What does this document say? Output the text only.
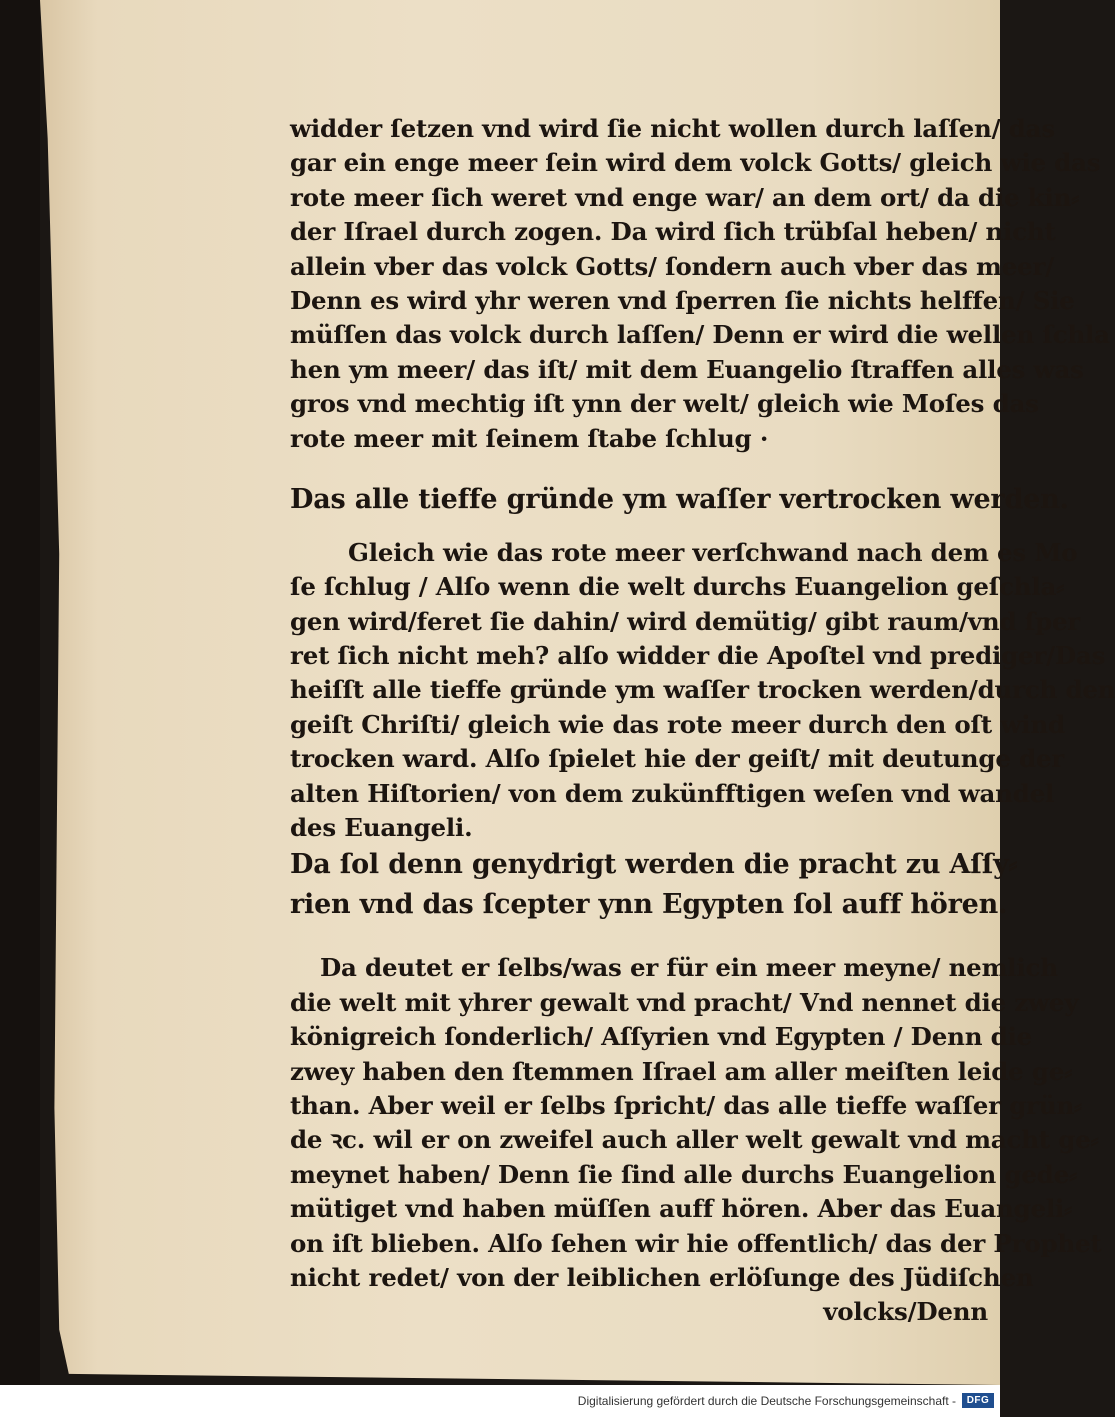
widder ſetzen vnd wird ſie nicht wollen durch laſſen/ das
gar ein enge meer ſein wird dem volck Gotts/ gleich wie das
rote meer ſich weret vnd enge war/ an dem ort/ da die kin⸗
der Iſrael durch zogen. Da wird ſich trübſal heben/ nicht
allein vber das volck Gotts/ ſondern auch vber das meer/
Denn es wird yhr weren vnd ſperren ſie nichts helffen/ Sie
müſſen das volck durch laſſen/ Denn er wird die wellen ſchla
hen ym meer/ das iſt/ mit dem Euangelio ſtraffen alles was
gros vnd mechtig iſt ynn der welt/ gleich wie Moſes das
rote meer mit ſeinem ſtabe ſchlug ·
Das alle tieffe gründe ym waſſer vertrocken werden.
Gleich wie das rote meer verſchwand nach dem es Mo
ſe ſchlug / Alſo wenn die welt durchs Euangelion geſchla⸗
gen wird/feret ſie dahin/ wird demütig/ gibt raum/vnd ſper
ret ſich nicht meh? alſo widder die Apoſtel vnd prediger/Das
heiſſt alle tieffe gründe ym waſſer trocken werden/durch den
geiſt Chriſti/ gleich wie das rote meer durch den oſt wind
trocken ward. Alſo ſpielet hie der geiſt/ mit deutunge der
alten Hiſtorien/ von dem zukünfftigen weſen vnd wandel
des Euangeli.
Da ſol denn genydrigt werden die pracht zu Aſſy⸗
rien vnd das ſcepter ynn Egypten ſol auff hören.
Da deutet er ſelbs/was er für ein meer meyne/ nemlich
die welt mit yhrer gewalt vnd pracht/ Vnd nennet die zwey
königreich ſonderlich/ Aſſyrien vnd Egypten / Denn die
zwey haben den ſtemmen Iſrael am aller meiſten leide ge⸗
than. Aber weil er ſelbs ſpricht/ das alle tieffe waſſer grün⸗
de ꝛc. wil er on zweifel auch aller welt gewalt vnd macht ge⸗
meynet haben/ Denn ſie ſind alle durchs Euangelion gede⸗
mütiget vnd haben müſſen auff hören. Aber das Euangeli⸗
on iſt blieben. Alſo ſehen wir hie offentlich/ das der Prophet
nicht redet/ von der leiblichen erlöſunge des Jüdiſchen
volcks/Denn
Digitalisierung gefördert durch die Deutsche Forschungsgemeinschaft -	DFG
